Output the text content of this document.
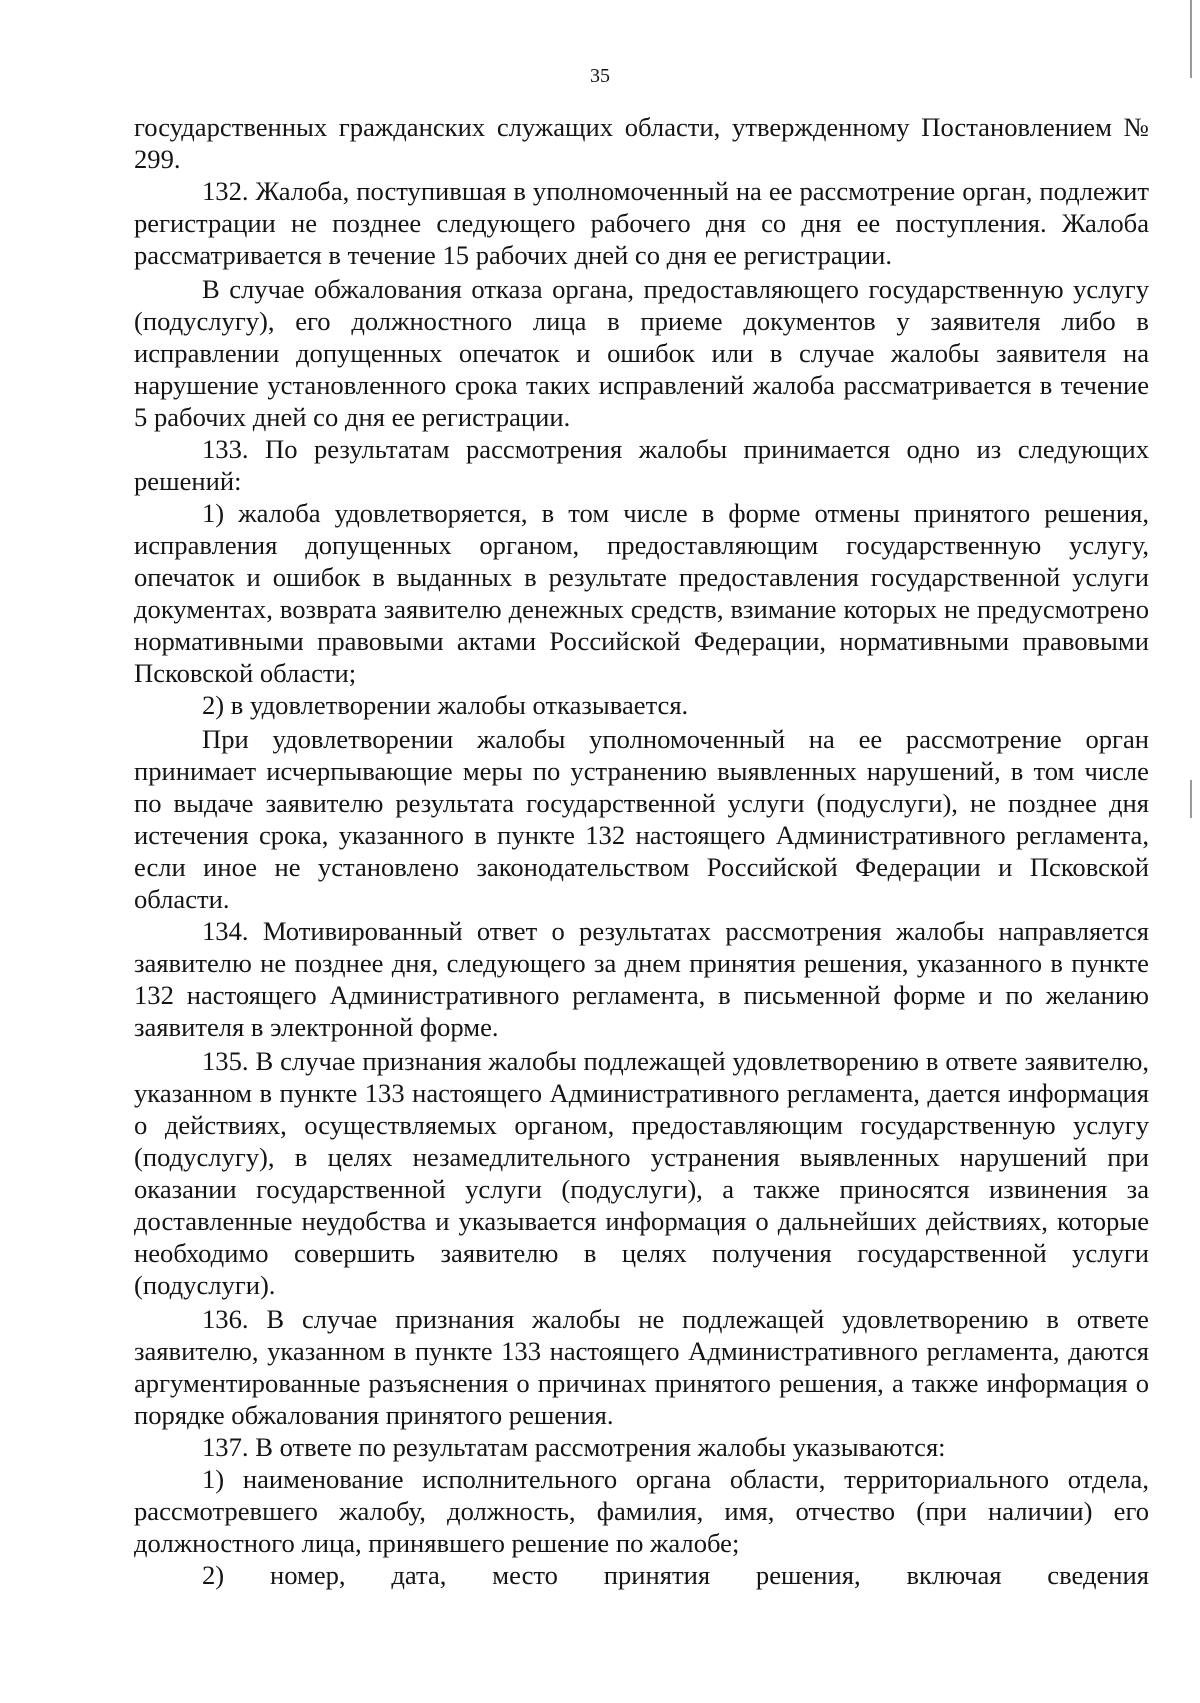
35

государственных гражданских служащих области, утвержденному Постановлением № 299.

132. Жалоба, поступившая в уполномоченный на ее рассмотрение орган, подлежит регистрации не позднее следующего рабочего дня со дня ее поступления. Жалоба рассматривается в течение 15 рабочих дней со дня ее регистрации.

В случае обжалования отказа органа, предоставляющего государственную услугу (подуслугу), его должностного лица в приеме документов у заявителя либо в исправлении допущенных опечаток и ошибок или в случае жалобы заявителя на нарушение установленного срока таких исправлений жалоба рассматривается в течение 5 рабочих дней со дня ее регистрации.

133. По результатам рассмотрения жалобы принимается одно из следующих решений:

1) жалоба удовлетворяется, в том числе в форме отмены принятого решения, исправления допущенных органом, предоставляющим государственную услугу, опечаток и ошибок в выданных в результате предоставления государственной услуги документах, возврата заявителю денежных средств, взимание которых не предусмотрено нормативными правовыми актами Российской Федерации, нормативными правовыми Псковской области;

2) в удовлетворении жалобы отказывается.

При удовлетворении жалобы уполномоченный на ее рассмотрение орган принимает исчерпывающие меры по устранению выявленных нарушений, в том числе по выдаче заявителю результата государственной услуги (подуслуги), не позднее дня истечения срока, указанного в пункте 132 настоящего Административного регламента, если иное не установлено законодательством Российской Федерации и Псковской области.

134. Мотивированный ответ о результатах рассмотрения жалобы направляется заявителю не позднее дня, следующего за днем принятия решения, указанного в пункте 132 настоящего Административного регламента, в письменной форме и по желанию заявителя в электронной форме.

135. В случае признания жалобы подлежащей удовлетворению в ответе заявителю, указанном в пункте 133 настоящего Административного регламента, дается информация о действиях, осуществляемых органом, предоставляющим государственную услугу (подуслугу), в целях незамедлительного устранения выявленных нарушений при оказании государственной услуги (подуслуги), а также приносятся извинения за доставленные неудобства и указывается информация о дальнейших действиях, которые необходимо совершить заявителю в целях получения государственной услуги (подуслуги).

136. В случае признания жалобы не подлежащей удовлетворению в ответе заявителю, указанном в пункте 133 настоящего Административного регламента, даются аргументированные разъяснения о причинах принятого решения, а также информация о порядке обжалования принятого решения.

137. В ответе по результатам рассмотрения жалобы указываются:

1) наименование исполнительного органа области, территориального отдела, рассмотревшего жалобу, должность, фамилия, имя, отчество (при наличии) его должностного лица, принявшего решение по жалобе;

2) номер, дата, место принятия решения, включая сведения
